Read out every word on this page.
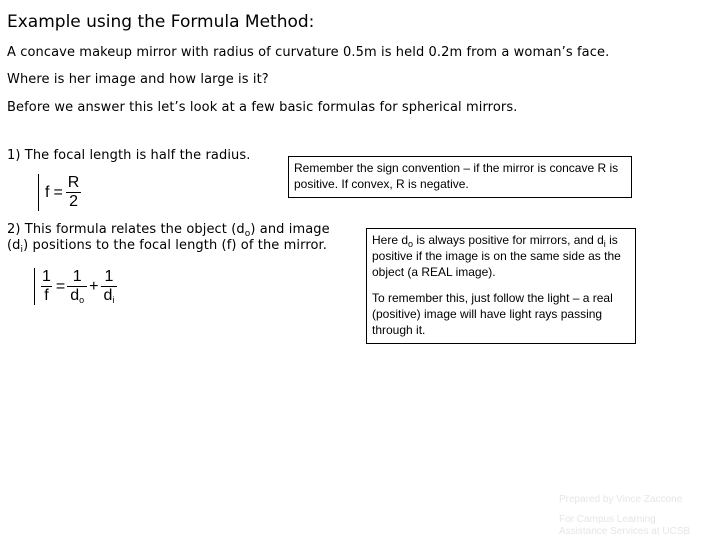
Example using the Formula Method:
A concave makeup mirror with radius of curvature 0.5m is held 0.2m from a woman’s face.
Where is her image and how large is it?
Before we answer this let’s look at a few basic formulas for spherical mirrors.
1) The focal length is half the radius.
$f = \frac{R}{2}$
Remember the sign convention – if the mirror is concave R is positive. If convex, R is negative.
2) This formula relates the object $(d_o)$ and image
$(d_i)$ positions to the focal length (f) of the mirror.
$\frac{1}{f} = \frac{1}{d_o} + \frac{1}{d_i}$
Here $d_o$ is always positive for mirrors, and $d_i$ is positive if the image is on the same side as the object (a REAL image).
To remember this, just follow the light – a real (positive) image will have light rays passing through it.
Prepared by Vince Zaccone
For Campus Learning
Assistance Services at UCSB
